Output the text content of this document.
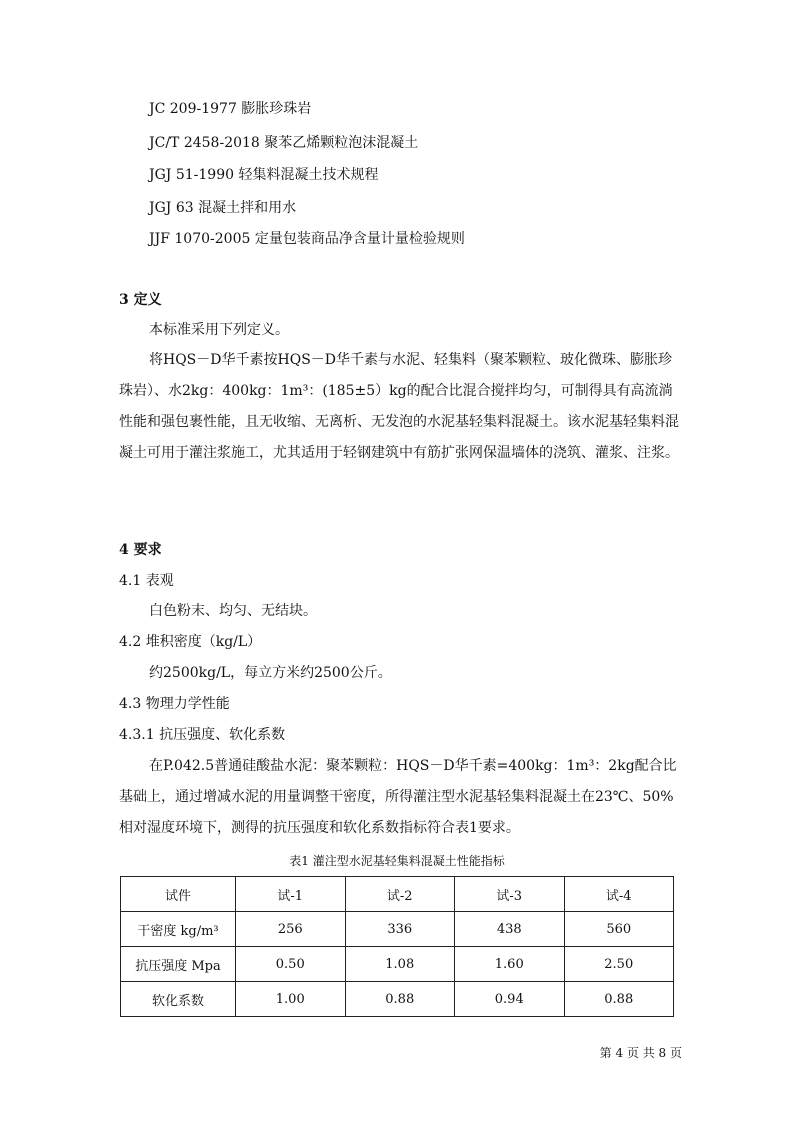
JC 209-1977 膨胀珍珠岩
JC/T 2458-2018 聚苯乙烯颗粒泡沫混凝土
JGJ 51-1990 轻集料混凝土技术规程
JGJ 63 混凝土拌和用水
JJF 1070-2005 定量包装商品净含量计量检验规则
3 定义
本标准采用下列定义。
将HQS－D华千素按HQS－D华千素与水泥、轻集料（聚苯颗粒、玻化微珠、膨胀珍珠岩）、水2kg：400kg：1m³：(185±5）kg的配合比混合搅拌均匀，可制得具有高流淌性能和强包裹性能，且无收缩、无离析、无发泡的水泥基轻集料混凝土。该水泥基轻集料混凝土可用于灌注浆施工，尤其适用于轻钢建筑中有筋扩张网保温墙体的浇筑、灌浆、注浆。
4 要求
4.1 表观
白色粉末、均匀、无结块。
4.2 堆积密度（kg/L）
约2500kg/L，每立方米约2500公斤。
4.3 物理力学性能
4.3.1 抗压强度、软化系数
在P.042.5普通硅酸盐水泥：聚苯颗粒：HQS－D华千素=400kg：1m³：2kg配合比基础上，通过增减水泥的用量调整干密度，所得灌注型水泥基轻集料混凝土在23℃、50%相对湿度环境下，测得的抗压强度和软化系数指标符合表1要求。
表1 灌注型水泥基轻集料混凝土性能指标
试件	试-1	试-2	试-3	试-4
干密度 kg/m³	256	336	438	560
抗压强度 Mpa	0.50	1.08	1.60	2.50
软化系数	1.00	0.88	0.94	0.88
第 4 页 共 8 页
